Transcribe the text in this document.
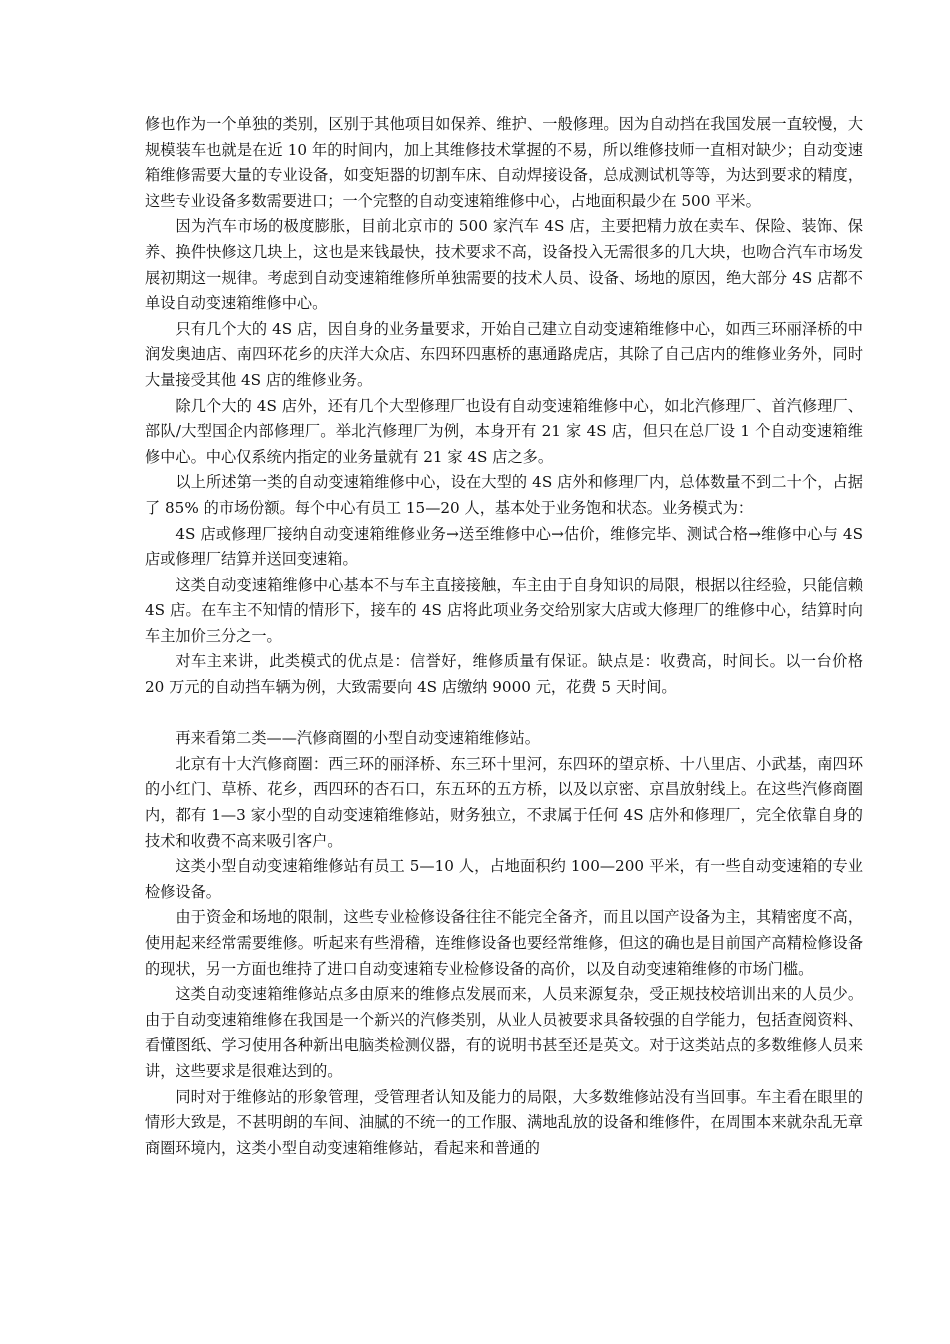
修也作为一个单独的类别，区别于其他项目如保养、维护、一般修理。因为自动挡在我国发展一直较慢，大规模装车也就是在近 10 年的时间内，加上其维修技术掌握的不易，所以维修技师一直相对缺少；自动变速箱维修需要大量的专业设备，如变矩器的切割车床、自动焊接设备，总成测试机等等，为达到要求的精度，这些专业设备多数需要进口；一个完整的自动变速箱维修中心，占地面积最少在 500 平米。

因为汽车市场的极度膨胀，目前北京市的 500 家汽车 4S 店，主要把精力放在卖车、保险、装饰、保养、换件快修这几块上，这也是来钱最快，技术要求不高，设备投入无需很多的几大块，也吻合汽车市场发展初期这一规律。考虑到自动变速箱维修所单独需要的技术人员、设备、场地的原因，绝大部分 4S 店都不单设自动变速箱维修中心。

只有几个大的 4S 店，因自身的业务量要求，开始自己建立自动变速箱维修中心，如西三环丽泽桥的中润发奥迪店、南四环花乡的庆洋大众店、东四环四惠桥的惠通路虎店，其除了自己店内的维修业务外，同时大量接受其他 4S 店的维修业务。

除几个大的 4S 店外，还有几个大型修理厂也设有自动变速箱维修中心，如北汽修理厂、首汽修理厂、部队/大型国企内部修理厂。举北汽修理厂为例，本身开有 21 家 4S 店，但只在总厂设 1 个自动变速箱维修中心。中心仅系统内指定的业务量就有 21 家 4S 店之多。

以上所述第一类的自动变速箱维修中心，设在大型的 4S 店外和修理厂内，总体数量不到二十个，占据了 85% 的市场份额。每个中心有员工 15—20 人，基本处于业务饱和状态。业务模式为：

4S 店或修理厂接纳自动变速箱维修业务→送至维修中心→估价，维修完毕、测试合格→维修中心与 4S 店或修理厂结算并送回变速箱。

这类自动变速箱维修中心基本不与车主直接接触，车主由于自身知识的局限，根据以往经验，只能信赖 4S 店。在车主不知情的情形下，接车的 4S 店将此项业务交给别家大店或大修理厂的维修中心，结算时向车主加价三分之一。

对车主来讲，此类模式的优点是：信誉好，维修质量有保证。缺点是：收费高，时间长。以一台价格 20 万元的自动挡车辆为例，大致需要向 4S 店缴纳 9000 元，花费 5 天时间。

再来看第二类——汽修商圈的小型自动变速箱维修站。

北京有十大汽修商圈：西三环的丽泽桥、东三环十里河，东四环的望京桥、十八里店、小武基，南四环的小红门、草桥、花乡，西四环的杏石口，东五环的五方桥，以及以京密、京昌放射线上。在这些汽修商圈内，都有 1—3 家小型的自动变速箱维修站，财务独立，不隶属于任何 4S 店外和修理厂，完全依靠自身的技术和收费不高来吸引客户。

这类小型自动变速箱维修站有员工 5—10 人，占地面积约 100—200 平米，有一些自动变速箱的专业检修设备。

由于资金和场地的限制，这些专业检修设备往往不能完全备齐，而且以国产设备为主，其精密度不高，使用起来经常需要维修。听起来有些滑稽，连维修设备也要经常维修，但这的确也是目前国产高精检修设备的现状，另一方面也维持了进口自动变速箱专业检修设备的高价，以及自动变速箱维修的市场门槛。

这类自动变速箱维修站点多由原来的维修点发展而来，人员来源复杂，受正规技校培训出来的人员少。由于自动变速箱维修在我国是一个新兴的汽修类别，从业人员被要求具备较强的自学能力，包括查阅资料、看懂图纸、学习使用各种新出电脑类检测仪器，有的说明书甚至还是英文。对于这类站点的多数维修人员来讲，这些要求是很难达到的。

同时对于维修站的形象管理，受管理者认知及能力的局限，大多数维修站没有当回事。车主看在眼里的情形大致是，不甚明朗的车间、油腻的不统一的工作服、满地乱放的设备和维修件，在周围本来就杂乱无章商圈环境内，这类小型自动变速箱维修站，看起来和普通的
